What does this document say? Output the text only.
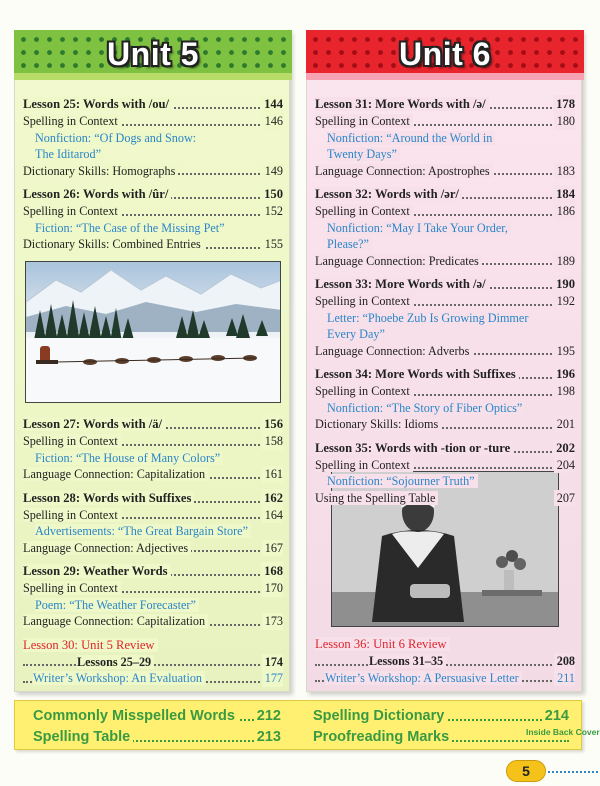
Unit 5
Lesson 25: Words with /ou/	144
Spelling in Context	146
Nonfiction: “Of Dogs and Snow:
The Iditarod”
Dictionary Skills: Homographs	149
Lesson 26: Words with /ûr/	150
Spelling in Context	152
Fiction: “The Case of the Missing Pet”
Dictionary Skills: Combined Entries	155
Lesson 27: Words with /ä/	156
Spelling in Context	158
Fiction: “The House of Many Colors”
Language Connection: Capitalization	161
Lesson 28: Words with Suffixes	162
Spelling in Context	164
Advertisements: “The Great Bargain Store”
Language Connection: Adjectives	167
Lesson 29: Weather Words	168
Spelling in Context	170
Poem: “The Weather Forecaster”
Language Connection: Capitalization	173
Lesson 30: Unit 5 Review
Lessons 25–29	174
Writer’s Workshop: An Evaluation	177
Unit 6
Lesson 31: More Words with /ə/	178
Spelling in Context	180
Nonfiction: “Around the World in
Twenty Days”
Language Connection: Apostrophes	183
Lesson 32: Words with /ər/	184
Spelling in Context	186
Nonfiction: “May I Take Your Order,
Please?”
Language Connection: Predicates	189
Lesson 33: More Words with /ə/	190
Spelling in Context	192
Letter: “Phoebe Zub Is Growing Dimmer
Every Day”
Language Connection: Adverbs	195
Lesson 34: More Words with Suffixes	196
Spelling in Context	198
Nonfiction: “The Story of Fiber Optics”
Dictionary Skills: Idioms	201
Lesson 35: Words with -tion or -ture	202
Spelling in Context	204
Nonfiction: “Sojourner Truth”
Using the Spelling Table	207
Lesson 36: Unit 6 Review
Lessons 31–35	208
Writer’s Workshop: A Persuasive Letter	211
Commonly Misspelled Words 212
Spelling Table	213
Spelling Dictionary	214
Proofreading Marks	Inside Back Cover
5
